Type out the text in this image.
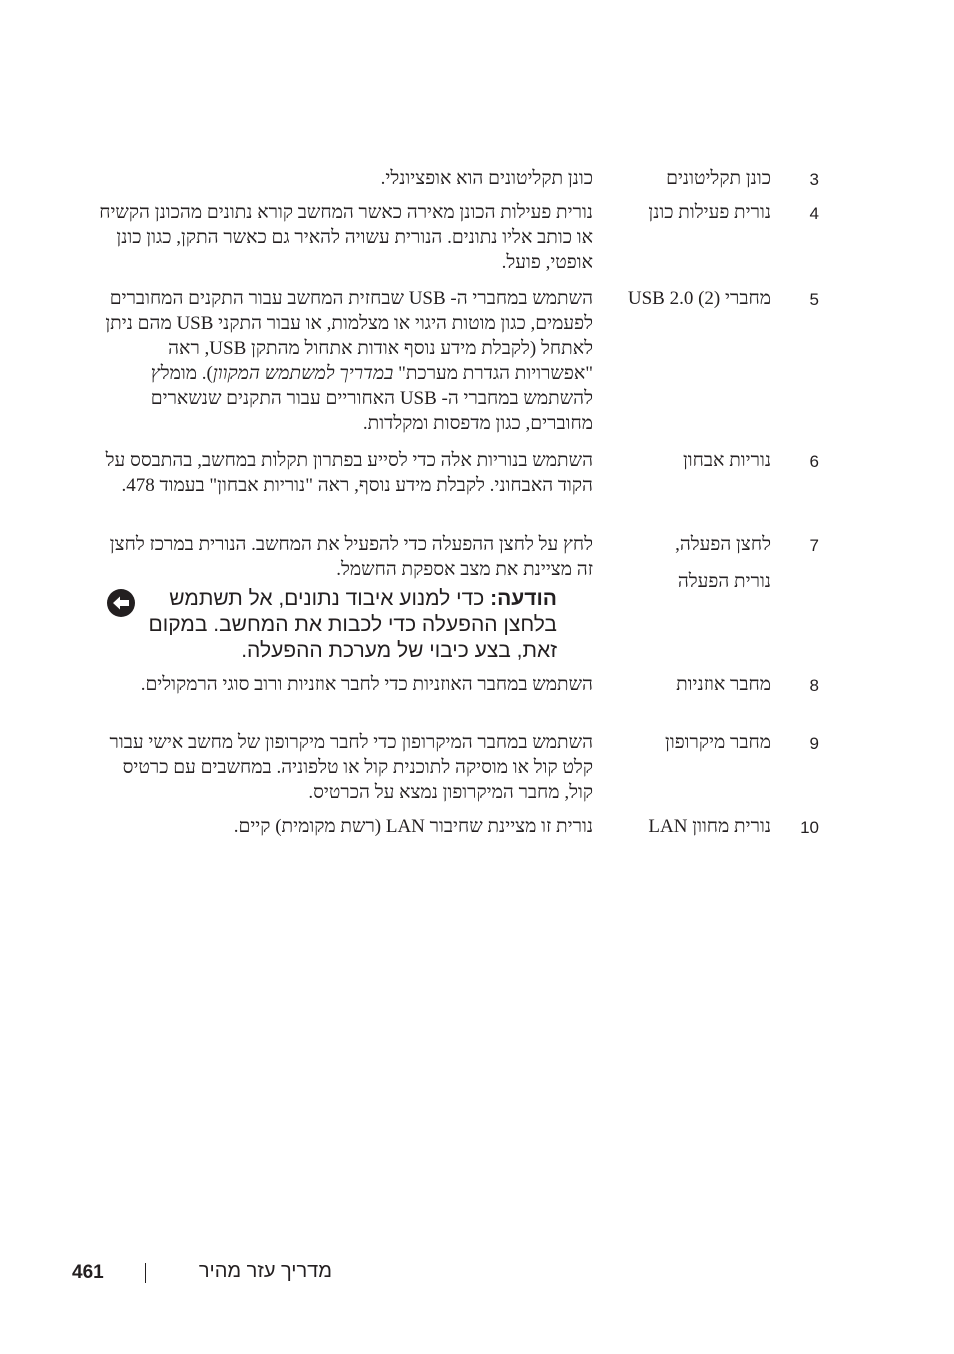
3
כונן תקליטונים
כונן תקליטונים הוא אופציונלי.
4
נורית פעילות כונן
נורית פעילות הכונן מאירה כאשר המחשב קורא נתונים מהכונן הקשיח או כותב אליו נתונים. הנורית עשויה להאיר גם כאשר התקן, כגון כונן אופטי, פועל.
5
מחברי USB 2.0 (2)
השתמש במחברי ה- USB שבחזית המחשב עבור התקנים המחוברים לפעמים, כגון מוטות היגוי או מצלמות, או עבור התקני USB מהם ניתן לאתחל (לקבלת מידע נוסף אודות אתחול מהתקן USB, ראה "אפשרויות הגדרת מערכת" במדריך למשתמש המקוון). מומלץ להשתמש במחברי ה- USB האחוריים עבור התקנים שנשארים מחוברים, כגון מדפסות ומקלדות.
6
נוריות אבחון
השתמש בנוריות אלה כדי לסייע בפתרון תקלות במחשב, בהתבסס על הקוד האבחוני. לקבלת מידע נוסף, ראה "נוריות אבחון" בעמוד 478.
7
לחצן הפעלה,
נורית הפעלה
לחץ על לחצן ההפעלה כדי להפעיל את המחשב. הנורית במרכז לחצן זה מציינת את מצב אספקת החשמל.
הודעה: כדי למנוע איבוד נתונים, אל תשתמש בלחצן ההפעלה כדי לכבות את המחשב. במקום זאת, בצע כיבוי של מערכת ההפעלה.
8
מחבר אוזניות
השתמש במחבר האוזניות כדי לחבר אוזניות ורוב סוגי הרמקולים.
9
מחבר מיקרופון
השתמש במחבר המיקרופון כדי לחבר מיקרופון של מחשב אישי עבור קלט קול או מוסיקה לתוכנית קול או טלפוניה. במחשבים עם כרטיס קול, מחבר המיקרופון נמצא על הכרטיס.
10
נורית מחוון LAN
נורית זו מציינת שחיבור LAN (רשת מקומית) קיים.
461	מדריך עזר מהיר
